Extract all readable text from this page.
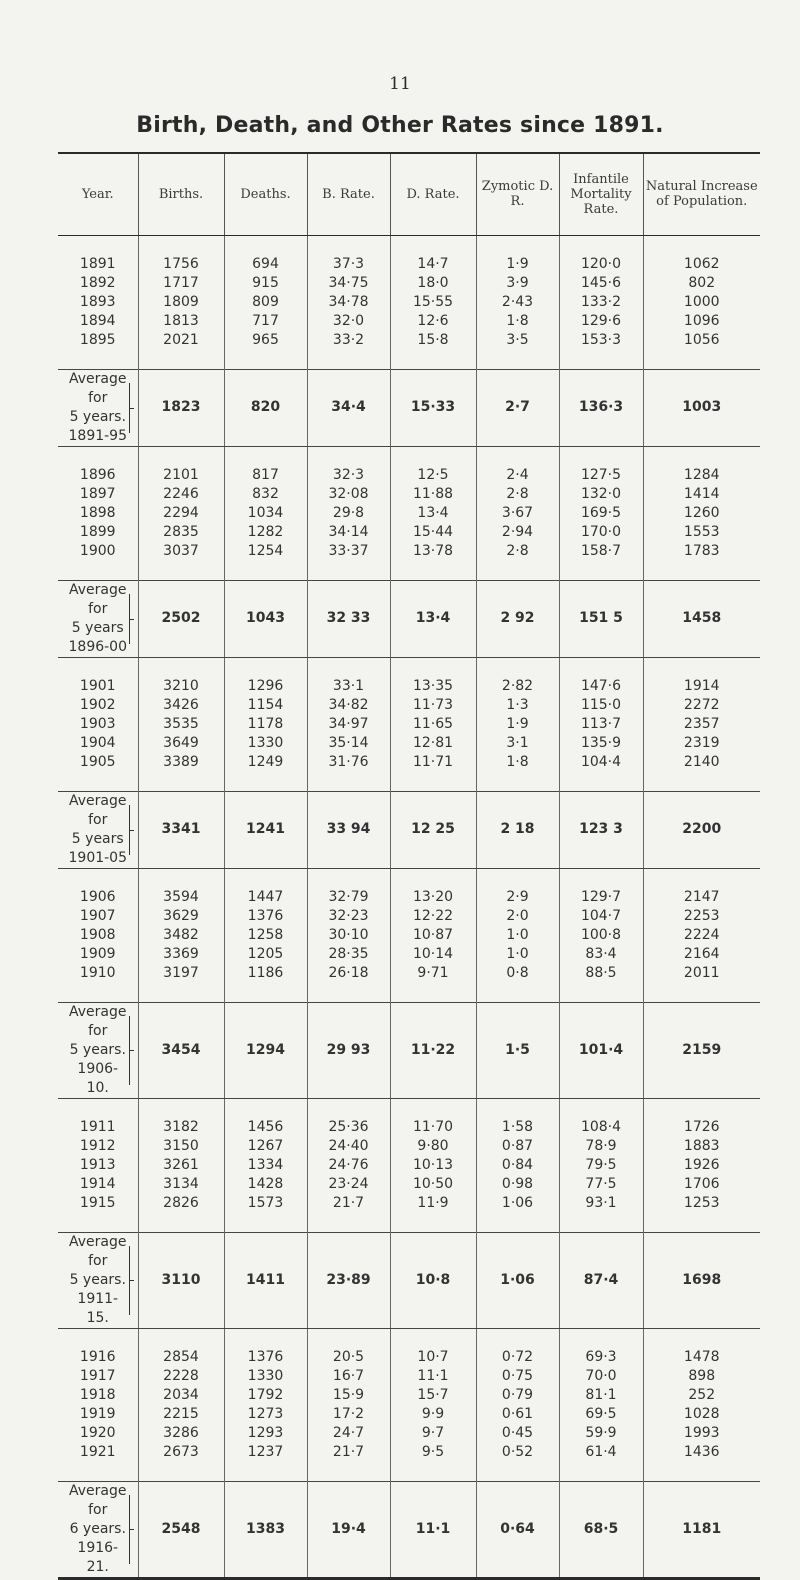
11
Birth, Death, and Other Rates since 1891.
Year.	Births.	Deaths.	B. Rate.	D. Rate.	Zymotic D. R.	Infantile Mortality Rate.	Natural Increase of Population.

1891	1756	694	37·3	14·7	1·9	120·0	1062
1892	1717	915	34·75	18·0	3·9	145·6	802
1893	1809	809	34·78	15·55	2·43	133·2	1000
1894	1813	717	32·0	12·6	1·8	129·6	1096
1895	2021	965	33·2	15·8	3·5	153·3	1056

Average
for
5 years.
1891-95	1823	820	34·4	15·33	2·7	136·3	1003

1896	2101	817	32·3	12·5	2·4	127·5	1284
1897	2246	832	32·08	11·88	2·8	132·0	1414
1898	2294	1034	29·8	13·4	3·67	169·5	1260
1899	2835	1282	34·14	15·44	2·94	170·0	1553
1900	3037	1254	33·37	13·78	2·8	158·7	1783

Average
for
5 years
1896-00	2502	1043	32 33	13·4	2 92	151 5	1458

1901	3210	1296	33·1	13·35	2·82	147·6	1914
1902	3426	1154	34·82	11·73	1·3	115·0	2272
1903	3535	1178	34·97	11·65	1·9	113·7	2357
1904	3649	1330	35·14	12·81	3·1	135·9	2319
1905	3389	1249	31·76	11·71	1·8	104·4	2140

Average
for
5 years
1901-05	3341	1241	33 94	12 25	2 18	123 3	2200

1906	3594	1447	32·79	13·20	2·9	129·7	2147
1907	3629	1376	32·23	12·22	2·0	104·7	2253
1908	3482	1258	30·10	10·87	1·0	100·8	2224
1909	3369	1205	28·35	10·14	1·0	83·4	2164
1910	3197	1186	26·18	9·71	0·8	88·5	2011

Average
for
5 years.
1906-10.	3454	1294	29 93	11·22	1·5	101·4	2159

1911	3182	1456	25·36	11·70	1·58	108·4	1726
1912	3150	1267	24·40	9·80	0·87	78·9	1883
1913	3261	1334	24·76	10·13	0·84	79·5	1926
1914	3134	1428	23·24	10·50	0·98	77·5	1706
1915	2826	1573	21·7	11·9	1·06	93·1	1253

Average
for
5 years.
1911-15.	3110	1411	23·89	10·8	1·06	87·4	1698

1916	2854	1376	20·5	10·7	0·72	69·3	1478
1917	2228	1330	16·7	11·1	0·75	70·0	898
1918	2034	1792	15·9	15·7	0·79	81·1	252
1919	2215	1273	17·2	9·9	0·61	69·5	1028
1920	3286	1293	24·7	9·7	0·45	59·9	1993
1921	2673	1237	21·7	9·5	0·52	61·4	1436

Average
for
6 years.
1916-21.	2548	1383	19·4	11·1	0·64	68·5	1181
